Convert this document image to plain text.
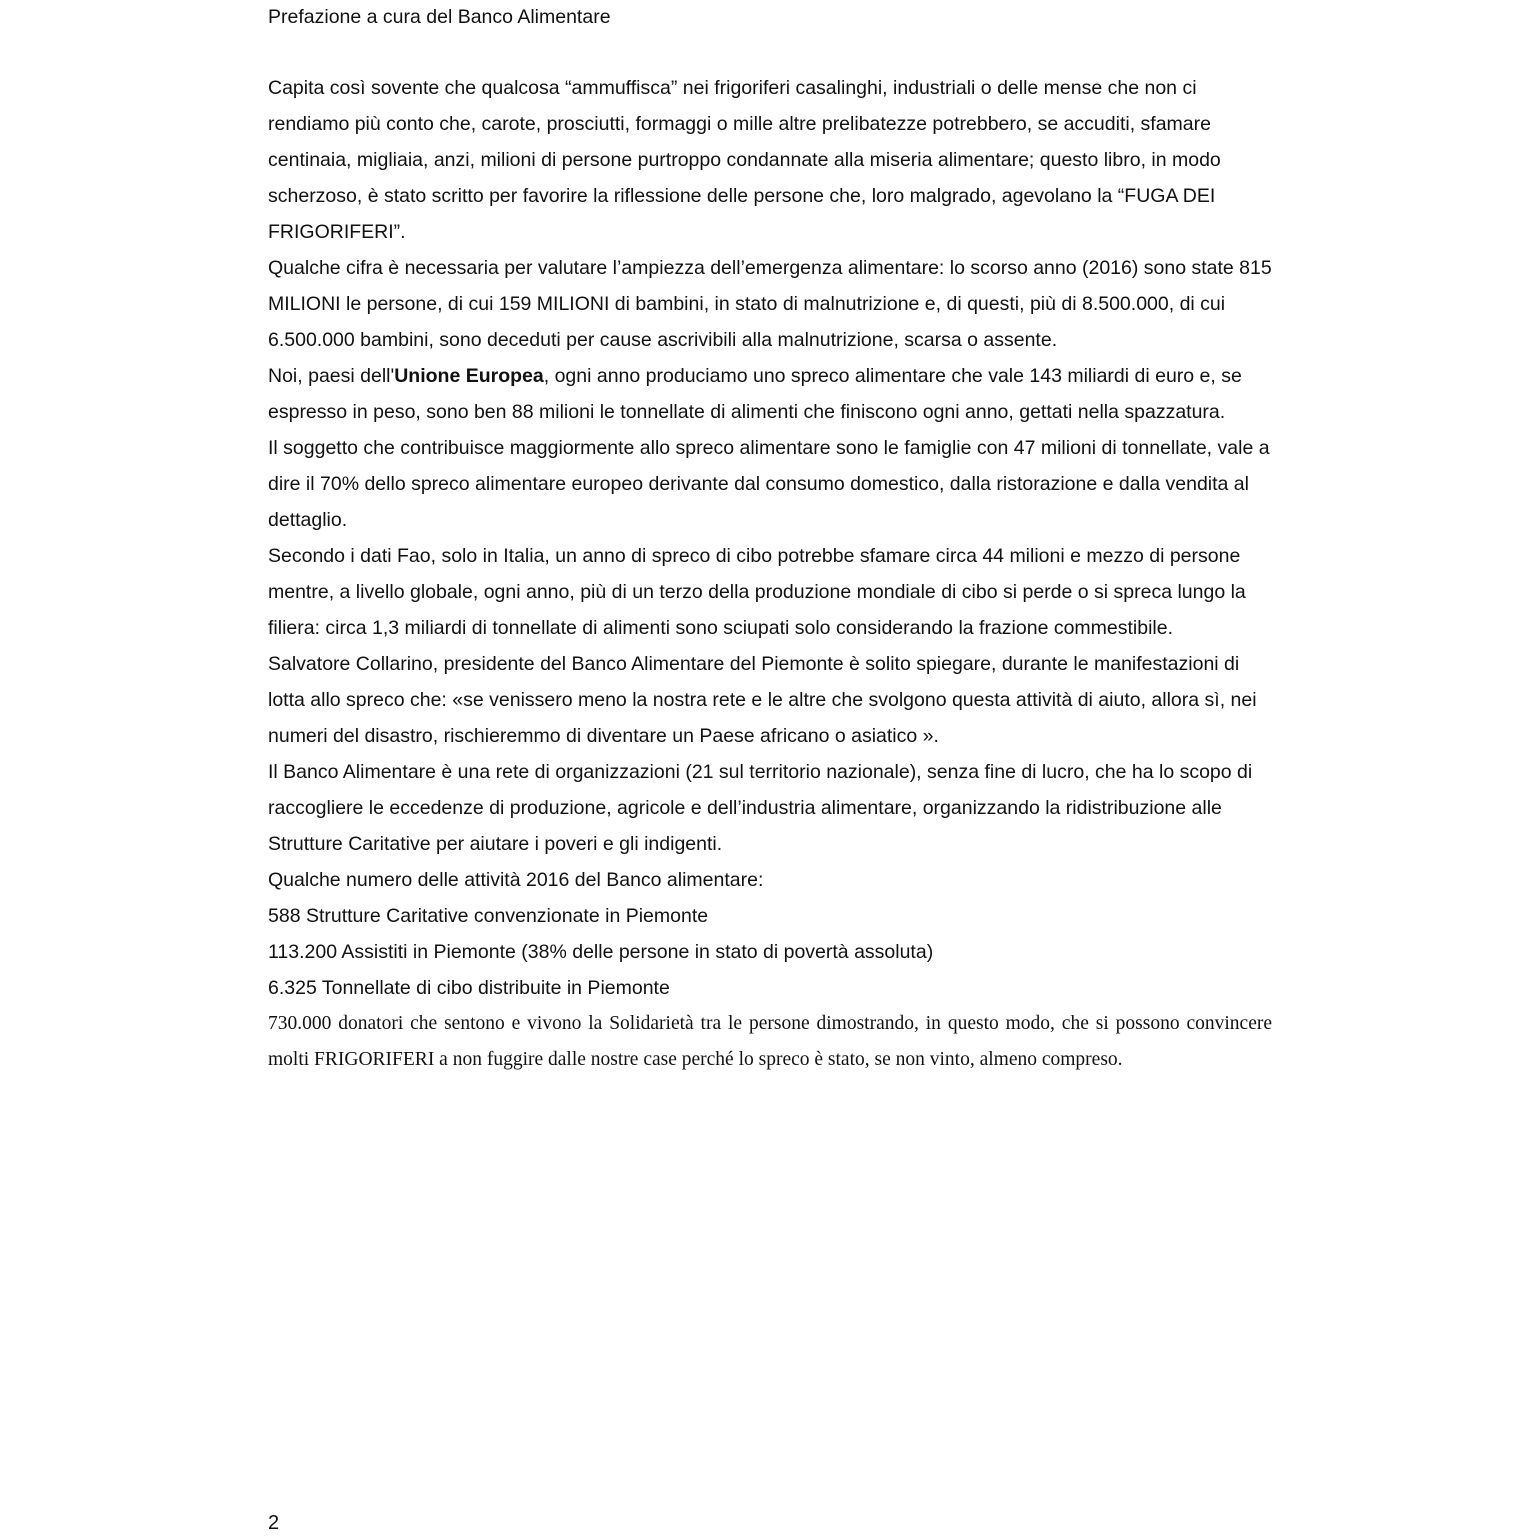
Prefazione a cura del Banco Alimentare

Capita così sovente che qualcosa “ammuffisca” nei frigoriferi casalinghi, industriali o delle mense che non ci rendiamo più conto che, carote, prosciutti, formaggi o mille altre prelibatezze potrebbero, se accuditi, sfamare centinaia, migliaia, anzi, milioni di persone purtroppo condannate alla miseria alimentare; questo libro, in modo scherzoso, è stato scritto per favorire la riflessione delle persone che, loro malgrado, agevolano la “FUGA DEI FRIGORIFERI”.

Qualche cifra è necessaria per valutare l’ampiezza dell’emergenza alimentare: lo scorso anno (2016) sono state 815 MILIONI le persone, di cui 159 MILIONI di bambini, in stato di malnutrizione e, di questi, più di 8.500.000, di cui 6.500.000 bambini, sono deceduti per cause ascrivibili alla malnutrizione, scarsa o assente.

Noi, paesi dell'Unione Europea, ogni anno produciamo uno spreco alimentare che vale 143 miliardi di euro e, se espresso in peso, sono ben 88 milioni le tonnellate di alimenti che finiscono ogni anno, gettati nella spazzatura.

Il soggetto che contribuisce maggiormente allo spreco alimentare sono le famiglie con 47 milioni di tonnellate, vale a dire il 70% dello spreco alimentare europeo derivante dal consumo domestico, dalla ristorazione e dalla vendita al dettaglio.

Secondo i dati Fao, solo in Italia, un anno di spreco di cibo potrebbe sfamare circa 44 milioni e mezzo di persone mentre, a livello globale, ogni anno, più di un terzo della produzione mondiale di cibo si perde o si spreca lungo la filiera: circa 1,3 miliardi di tonnellate di alimenti sono sciupati solo considerando la frazione commestibile.

Salvatore Collarino, presidente del Banco Alimentare del Piemonte è solito spiegare, durante le manifestazioni di lotta allo spreco che: «se venissero meno la nostra rete e le altre che svolgono questa attività di aiuto, allora sì, nei numeri del disastro, rischieremmo di diventare un Paese africano o asiatico ».

Il Banco Alimentare è una rete di organizzazioni (21 sul territorio nazionale), senza fine di lucro, che ha lo scopo di raccogliere le eccedenze di produzione, agricole e dell’industria alimentare, organizzando la ridistribuzione alle Strutture Caritative per aiutare i poveri e gli indigenti.

Qualche numero delle attività 2016 del Banco alimentare:

588 Strutture Caritative convenzionate in Piemonte

113.200 Assistiti in Piemonte (38% delle persone in stato di povertà assoluta)

6.325 Tonnellate di cibo distribuite in Piemonte

730.000 donatori che sentono e vivono la Solidarietà tra le persone dimostrando, in questo modo, che si possono convincere molti FRIGORIFERI a non fuggire dalle nostre case perché lo spreco è stato, se non vinto, almeno compreso.

2
